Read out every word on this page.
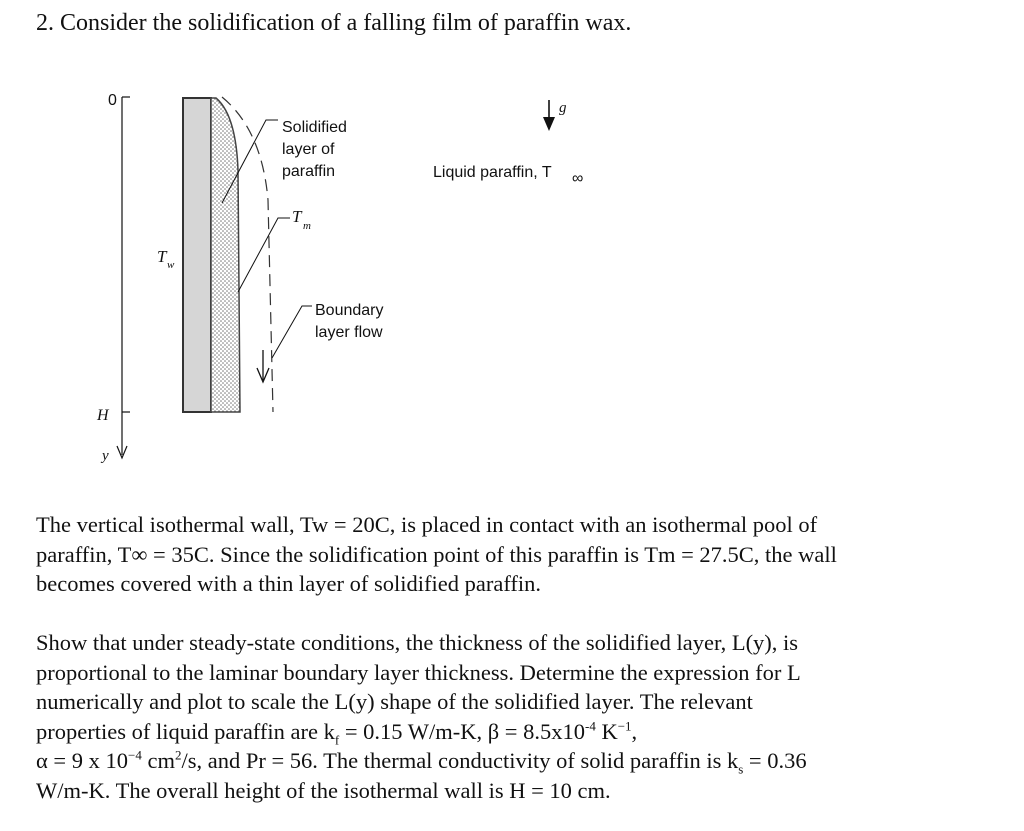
2. Consider the solidification of a falling film of paraffin wax.
0
H
y
T w
Solidified
layer of
paraffin
T m
Boundary
layer flow
g
Liquid paraffin, T ∞

The vertical isothermal wall, Tw = 20C, is placed in contact with an isothermal pool of
paraffin, T∞ = 35C. Since the solidification point of this paraffin is Tm = 27.5C, the wall
becomes covered with a thin layer of solidified paraffin.

Show that under steady-state conditions, the thickness of the solidified layer, L(y), is
proportional to the laminar boundary layer thickness. Determine the expression for L
numerically and plot to scale the L(y) shape of the solidified layer. The relevant
properties of liquid paraffin are $k_f = 0.15$ W/m-K, $\beta = 8.5x10^{-4}$ $K^{-1}$,
α = 9 x $10^{-4}$ $cm^2/s$, and Pr = 56. The thermal conductivity of solid paraffin is $k_s = 0.36$
W/m-K. The overall height of the isothermal wall is H = 10 cm.
